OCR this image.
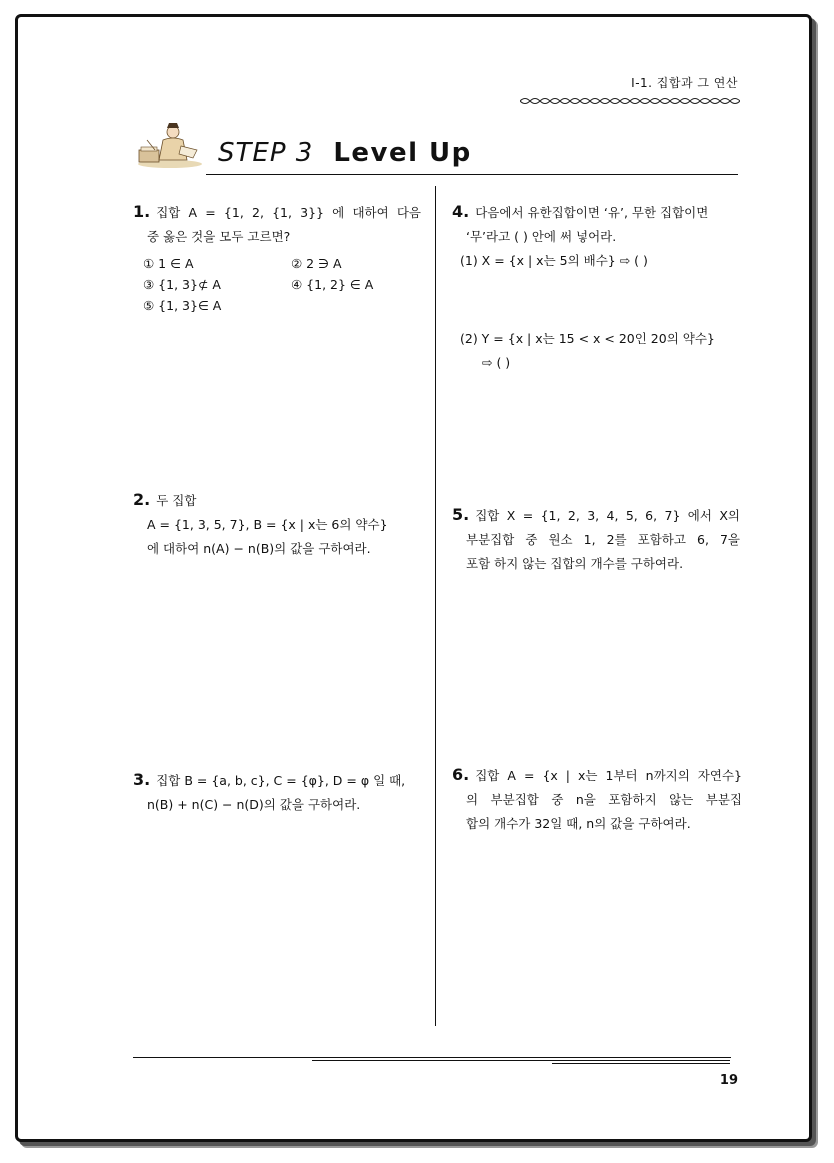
Ⅰ-1. 집합과 그 연산
STEP 3 Level Up
1. 집합 A = {1, 2, {1, 3}} 에 대하여 다음
중 옳은 것을 모두 고르면?
① 1 ∈ A	② 2 ∋ A
③ {1, 3}⊄ A	④ {1, 2} ∈ A
⑤ {1, 3}∈ A
2. 두 집합
A = {1, 3, 5, 7}, B = {x | x는 6의 약수}
에 대하여 n(A) − n(B)의 값을 구하여라.
3. 집합 B = {a, b, c}, C = {φ}, D = φ 일 때,
n(B) + n(C) − n(D)의 값을 구하여라.
4. 다음에서 유한집합이면 ‘유’, 무한 집합이면
‘무’라고 ( ) 안에 써 넣어라.
(1) X = {x | x는 5의 배수} ⇨ ( )
(2) Y = {x | x는 15 < x < 20인 20의 약수}
⇨ ( )
5. 집합 X = {1, 2, 3, 4, 5, 6, 7} 에서 X의
부분집합 중 원소 1, 2를 포함하고 6, 7을
포함 하지 않는 집합의 개수를 구하여라.
6. 집합 A = {x | x는 1부터 n까지의 자연수}
의 부분집합 중 n을 포함하지 않는 부분집
합의 개수가 32일 때, n의 값을 구하여라.
19
